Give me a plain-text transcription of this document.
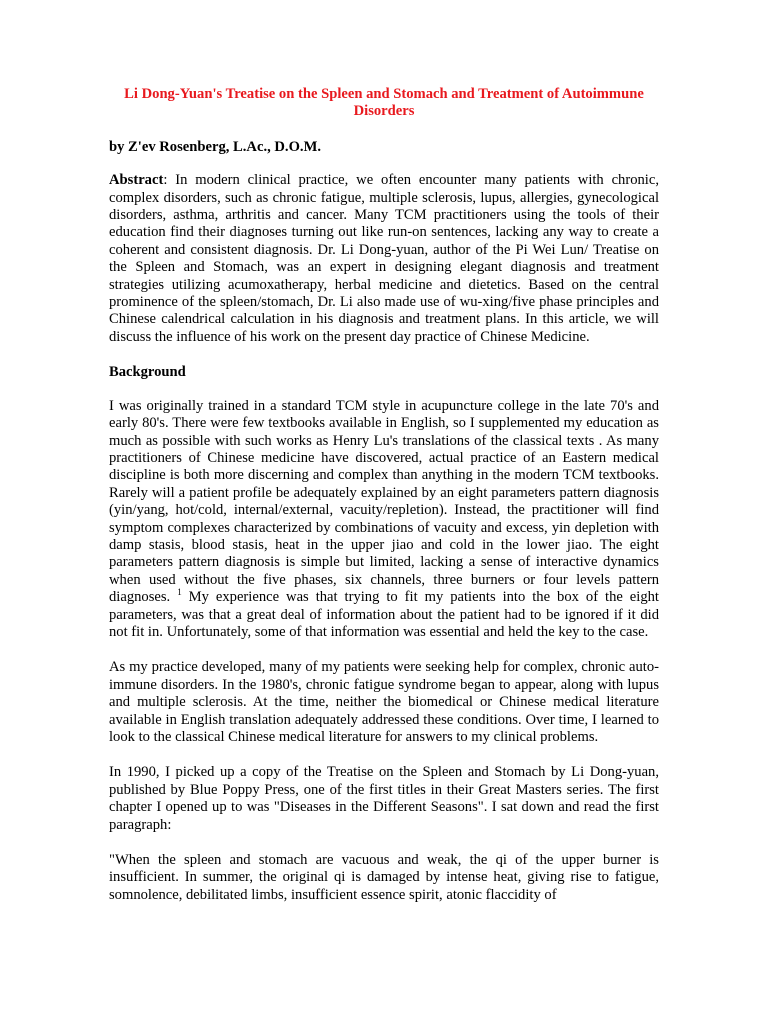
Li Dong-Yuan's Treatise on the Spleen and Stomach and Treatment of Autoimmune Disorders
by Z'ev Rosenberg, L.Ac., D.O.M.

Abstract: In modern clinical practice, we often encounter many patients with chronic, complex disorders, such as chronic fatigue, multiple sclerosis, lupus, allergies, gynecological disorders, asthma, arthritis and cancer. Many TCM practitioners using the tools of their education find their diagnoses turning out like run-on sentences, lacking any way to create a coherent and consistent diagnosis. Dr. Li Dong-yuan, author of the Pi Wei Lun/ Treatise on the Spleen and Stomach, was an expert in designing elegant diagnosis and treatment strategies utilizing acumoxatherapy, herbal medicine and dietetics. Based on the central prominence of the spleen/stomach, Dr. Li also made use of wu-xing/five phase principles and Chinese calendrical calculation in his diagnosis and treatment plans. In this article, we will discuss the influence of his work on the present day practice of Chinese Medicine.

Background

I was originally trained in a standard TCM style in acupuncture college in the late 70's and early 80's. There were few textbooks available in English, so I supplemented my education as much as possible with such works as Henry Lu's translations of the classical texts . As many practitioners of Chinese medicine have discovered, actual practice of an Eastern medical discipline is both more discerning and complex than anything in the modern TCM textbooks. Rarely will a patient profile be adequately explained by an eight parameters pattern diagnosis (yin/yang, hot/cold, internal/external, vacuity/repletion). Instead, the practitioner will find symptom complexes characterized by combinations of vacuity and excess, yin depletion with damp stasis, blood stasis, heat in the upper jiao and cold in the lower jiao. The eight parameters pattern diagnosis is simple but limited, lacking a sense of interactive dynamics when used without the five phases, six channels, three burners or four levels pattern diagnoses. $^1$ My experience was that trying to fit my patients into the box of the eight parameters, was that a great deal of information about the patient had to be ignored if it did not fit in. Unfortunately, some of that information was essential and held the key to the case.

As my practice developed, many of my patients were seeking help for complex, chronic auto-immune disorders. In the 1980's, chronic fatigue syndrome began to appear, along with lupus and multiple sclerosis. At the time, neither the biomedical or Chinese medical literature available in English translation adequately addressed these conditions. Over time, I learned to look to the classical Chinese medical literature for answers to my clinical problems.

In 1990, I picked up a copy of the Treatise on the Spleen and Stomach by Li Dong-yuan, published by Blue Poppy Press, one of the first titles in their Great Masters series. The first chapter I opened up to was "Diseases in the Different Seasons". I sat down and read the first paragraph:

"When the spleen and stomach are vacuous and weak, the qi of the upper burner is insufficient. In summer, the original qi is damaged by intense heat, giving rise to fatigue, somnolence, debilitated limbs, insufficient essence spirit, atonic flaccidity of
